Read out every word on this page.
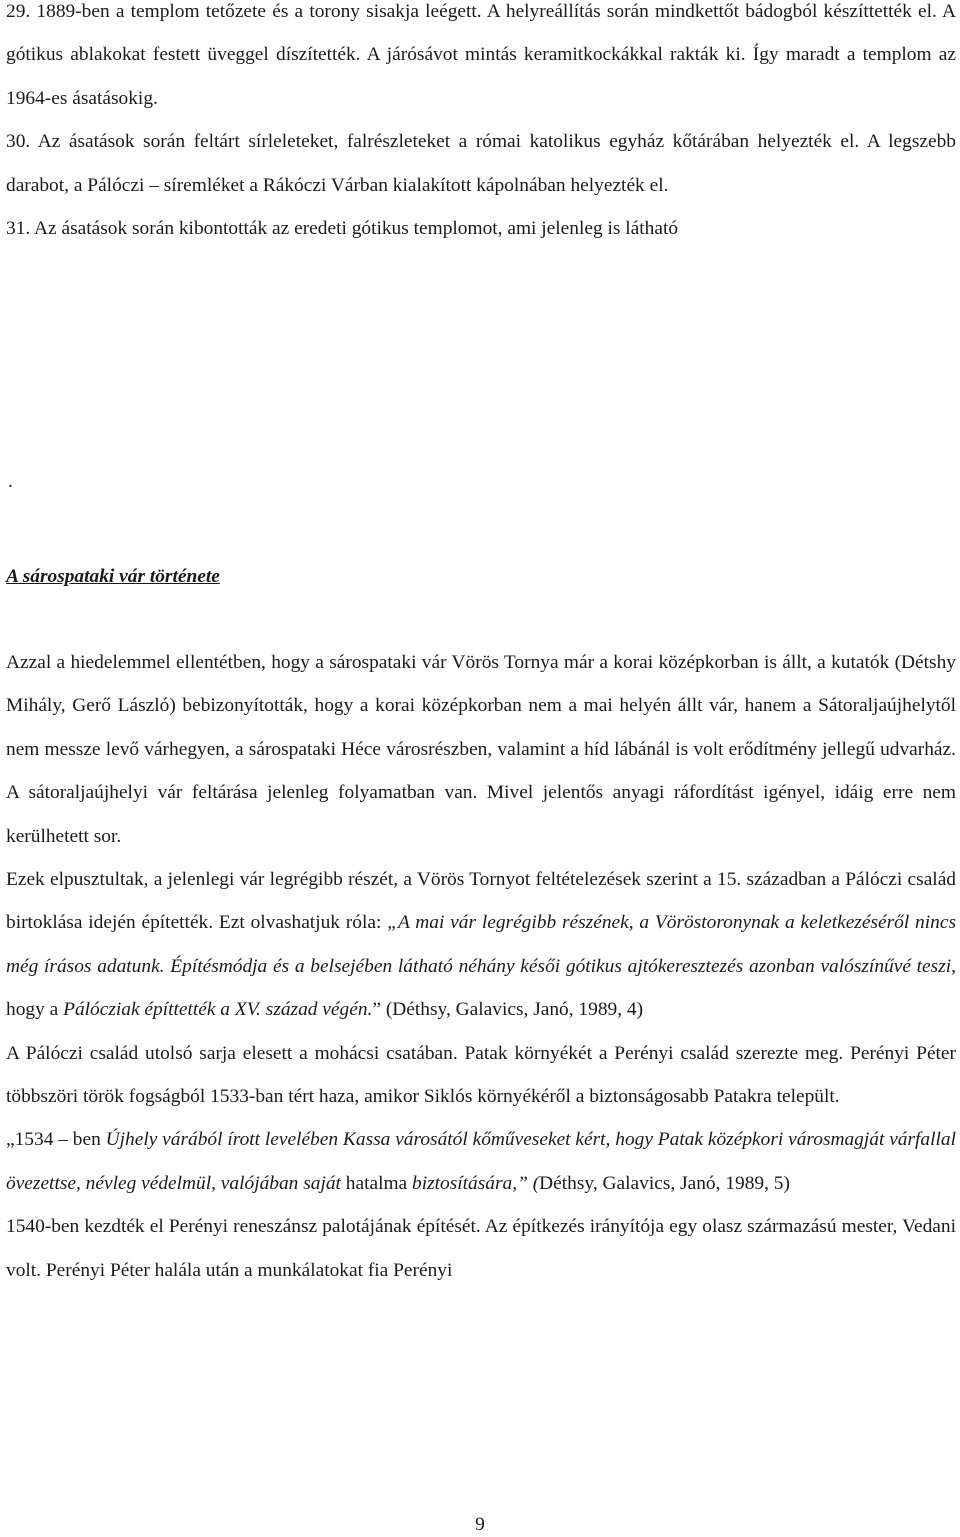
29. 1889-ben a templom tetőzete és a torony sisakja leégett. A helyreállítás során mindkettőt bádogból készíttették el. A gótikus ablakokat festett üveggel díszítették. A járósávot mintás keramitkockákkal rakták ki. Így maradt a templom az 1964-es ásatásokig.

30. Az ásatások során feltárt sírleleteket, falrészleteket a római katolikus egyház kőtárában helyezték el. A legszebb darabot, a Pálóczi – síremléket a Rákóczi Várban kialakított kápolnában helyezték el.

31. Az ásatások során kibontották az eredeti gótikus templomot, ami jelenleg is látható

.
A sárospataki vár története

Azzal a hiedelemmel ellentétben, hogy a sárospataki vár Vörös Tornya már a korai középkorban is állt, a kutatók (Détshy Mihály, Gerő László) bebizonyították, hogy a korai középkorban nem a mai helyén állt vár, hanem a Sátoraljaújhelytől nem messze levő várhegyen, a sárospataki Héce városrészben, valamint a híd lábánál is volt erődítmény jellegű udvarház. A sátoraljaújhelyi vár feltárása jelenleg folyamatban van. Mivel jelentős anyagi ráfordítást igényel, idáig erre nem kerülhetett sor.

Ezek elpusztultak, a jelenlegi vár legrégibb részét, a Vörös Tornyot feltételezések szerint a 15. században a Pálóczi család birtoklása idején építették. Ezt olvashatjuk róla: „A mai vár legrégibb részének, a Vöröstoronynak a keletkezéséről nincs még írásos adatunk. Építésmódja és a belsejében látható néhány késői gótikus ajtókeresztezés azonban valószínűvé teszi, hogy a Pálócziak építtették a XV. század végén.” (Déthsy, Galavics, Janó, 1989, 4)

A Pálóczi család utolsó sarja elesett a mohácsi csatában. Patak környékét a Perényi család szerezte meg. Perényi Péter többszöri török fogságból 1533-ban tért haza, amikor Siklós környékéről a biztonságosabb Patakra települt.

„1534 – ben Újhely várából írott levelében Kassa városától kőműveseket kért, hogy Patak középkori városmagját várfallal övezettse, névleg védelmül, valójában saját hatalma biztosítására,” (Déthsy, Galavics, Janó, 1989, 5)

1540-ben kezdték el Perényi reneszánsz palotájának építését. Az építkezés irányítója egy olasz származású mester, Vedani volt. Perényi Péter halála után a munkálatokat fia Perényi

9
